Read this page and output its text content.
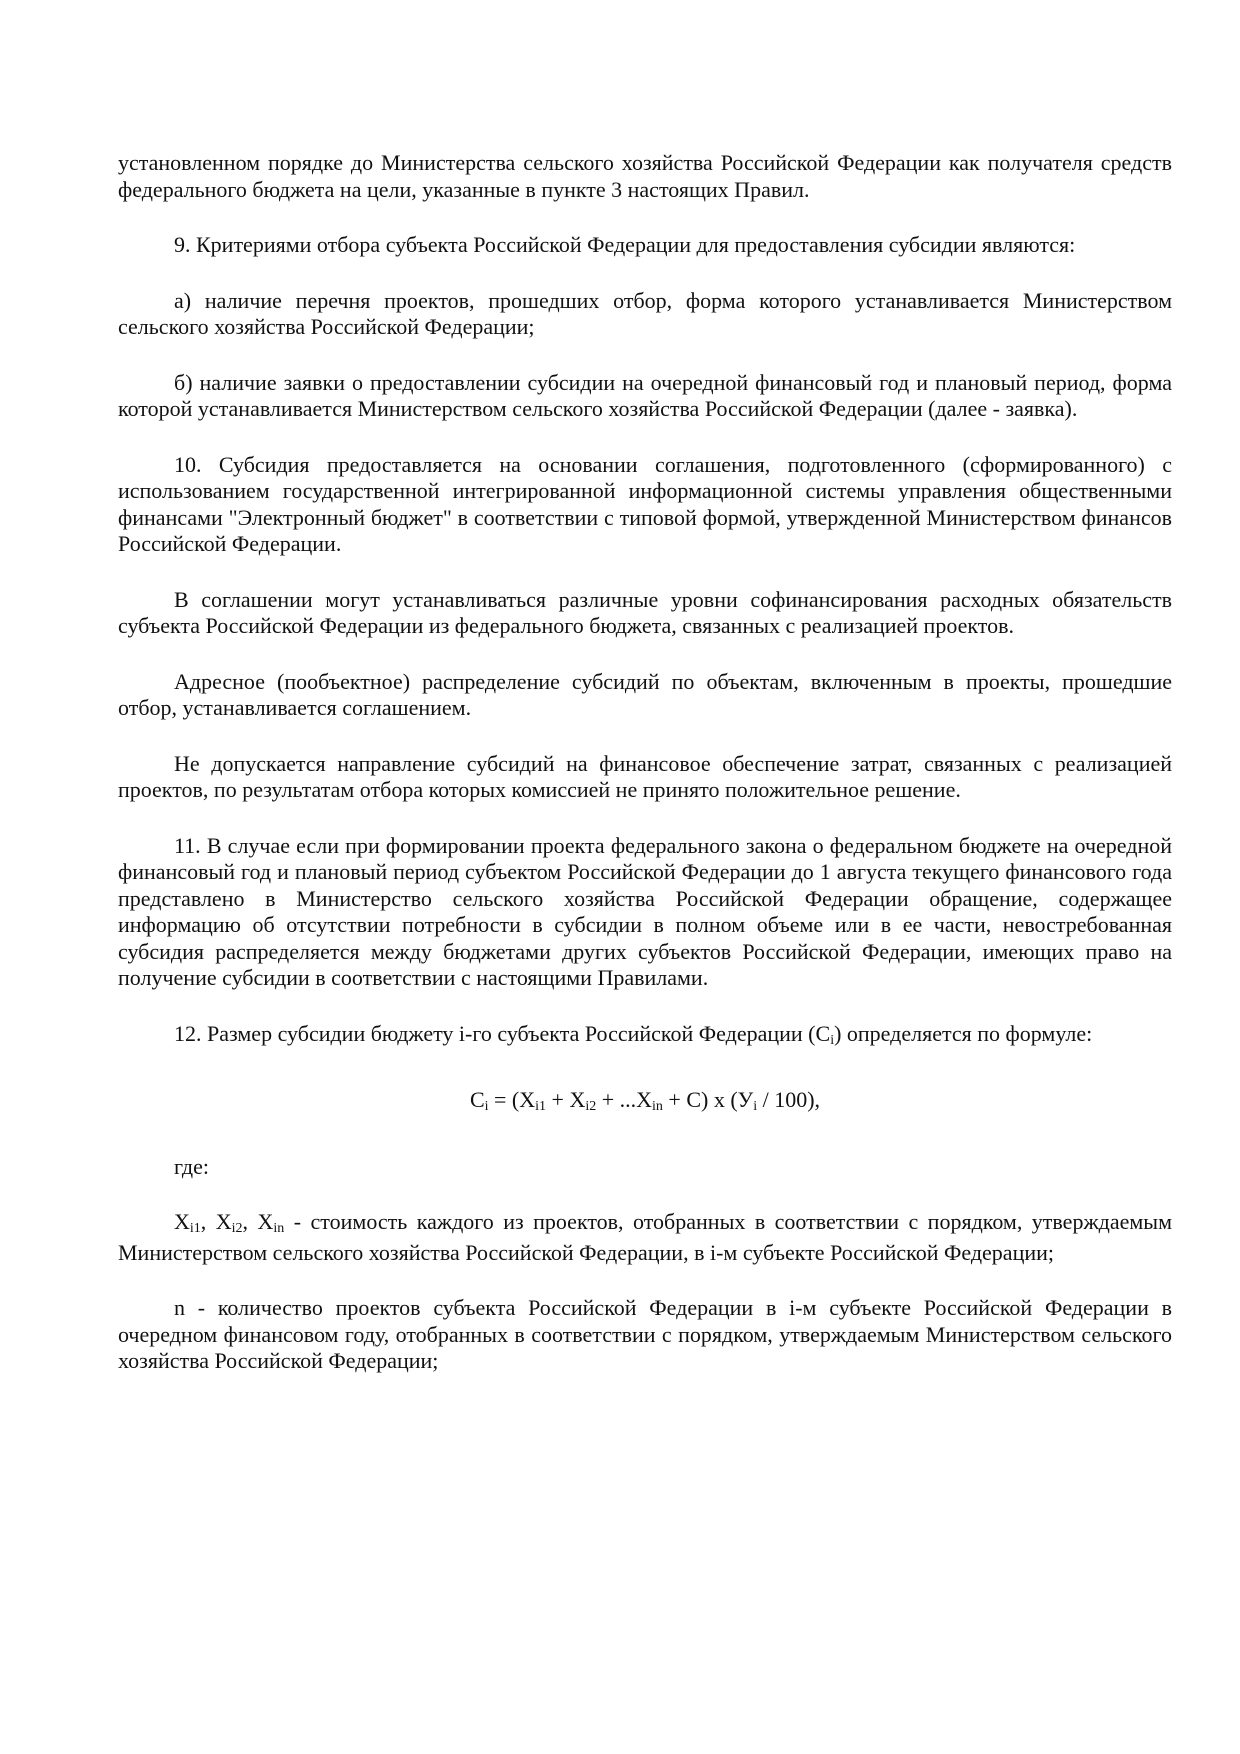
установленном порядке до Министерства сельского хозяйства Российской Федерации как получателя средств федерального бюджета на цели, указанные в пункте 3 настоящих Правил.

9. Критериями отбора субъекта Российской Федерации для предоставления субсидии являются:

а) наличие перечня проектов, прошедших отбор, форма которого устанавливается Министерством сельского хозяйства Российской Федерации;

б) наличие заявки о предоставлении субсидии на очередной финансовый год и плановый период, форма которой устанавливается Министерством сельского хозяйства Российской Федерации (далее - заявка).

10. Субсидия предоставляется на основании соглашения, подготовленного (сформированного) с использованием государственной интегрированной информационной системы управления общественными финансами "Электронный бюджет" в соответствии с типовой формой, утвержденной Министерством финансов Российской Федерации.

В соглашении могут устанавливаться различные уровни софинансирования расходных обязательств субъекта Российской Федерации из федерального бюджета, связанных с реализацией проектов.

Адресное (пообъектное) распределение субсидий по объектам, включенным в проекты, прошедшие отбор, устанавливается соглашением.

Не допускается направление субсидий на финансовое обеспечение затрат, связанных с реализацией проектов, по результатам отбора которых комиссией не принято положительное решение.

11. В случае если при формировании проекта федерального закона о федеральном бюджете на очередной финансовый год и плановый период субъектом Российской Федерации до 1 августа текущего финансового года представлено в Министерство сельского хозяйства Российской Федерации обращение, содержащее информацию об отсутствии потребности в субсидии в полном объеме или в ее части, невостребованная субсидия распределяется между бюджетами других субъектов Российской Федерации, имеющих право на получение субсидии в соответствии с настоящими Правилами.

12. Размер субсидии бюджету i-го субъекта Российской Федерации $(C_i)$ определяется по формуле:

$C_i = (X_{i1} + X_{i2} + ...X_{in} + C)$ x $(У_i / 100)$,

где:

$X_{i1}$, $X_{i2}$, $X_{in}$ - стоимость каждого из проектов, отобранных в соответствии с порядком, утверждаемым Министерством сельского хозяйства Российской Федерации, в i-м субъекте Российской Федерации;

n - количество проектов субъекта Российской Федерации в i-м субъекте Российской Федерации в очередном финансовом году, отобранных в соответствии с порядком, утверждаемым Министерством сельского хозяйства Российской Федерации;
